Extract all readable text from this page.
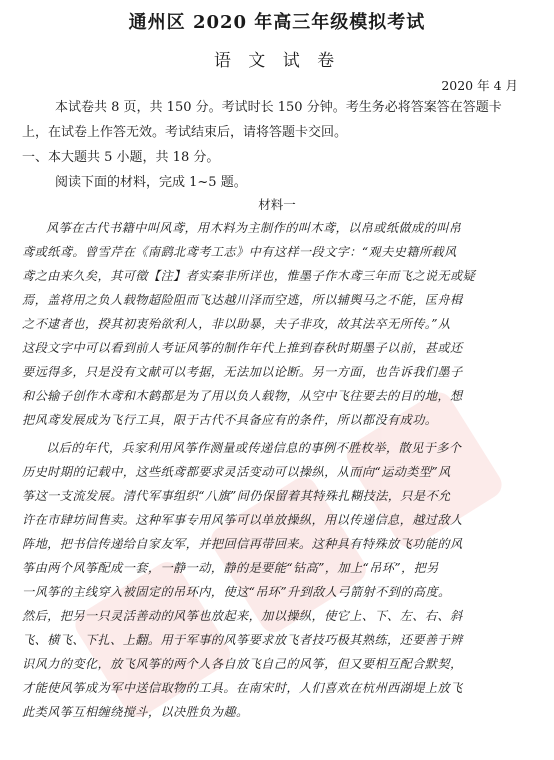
通州区 2020 年高三年级模拟考试
语 文 试 卷
2020 年 4 月
本试卷共 8 页，共 150 分。考试时长 150 分钟。考生务必将答案答在答题卡
上，在试卷上作答无效。考试结束后，请将答题卡交回。
一、本大题共 5 小题，共 18 分。
阅读下面的材料，完成 1~5 题。
材料一
风筝在古代书籍中叫风鸢，用木料为主制作的叫木鸢，以帛或纸做成的叫帛
鸢或纸鸢。曾雪芹在《南鹞北鸢考工志》中有这样一段文字：“观夫史籍所载风
鸢之由来久矣，其可徵【注】者实秦非所详也，惟墨子作木鸢三年而飞之说无或疑
焉，盖将用之负人载物超险阻而飞达越川泽而空逃，所以辅舆马之不能，匡舟楫
之不逮者也，揆其初衷殆欲利人，非以助暴，夫子非攻，故其法卒无所传。”从
这段文字中可以看到前人考证风筝的制作年代上推到春秋时期墨子以前，甚或还
要远得多，只是没有文献可以考据，无法加以论断。另一方面，也告诉我们墨子
和公输子创作木鸢和木鹤都是为了用以负人载物，从空中飞往要去的目的地，想
把风鸢发展成为飞行工具，限于古代不具备应有的条件，所以都没有成功。
以后的年代，兵家利用风筝作测量或传递信息的事例不胜枚举，散见于多个
历史时期的记载中，这些纸鸢都要求灵活变动可以操纵，从而向“运动类型”风
筝这一支流发展。清代军事组织“八旗”间仍保留着其特殊扎糊技法，只是不允
许在市肆坊间售卖。这种军事专用风筝可以单放操纵，用以传递信息，越过敌人
阵地，把书信传递给自家友军，并把回信再带回来。这种具有特殊放飞功能的风
筝由两个风筝配成一套，一静一动，静的是要能“钻高”，加上“吊环”，把另
一风筝的主线穿入被固定的吊环内，使这“吊环”升到敌人弓箭射不到的高度。
然后，把另一只灵活善动的风筝也放起来，加以操纵，使它上、下、左、右、斜
飞、横飞、下扎、上翻。用于军事的风筝要求放飞者技巧极其熟练，还要善于辨
识风力的变化，放飞风筝的两个人各自放飞自己的风筝，但又要相互配合默契，
才能使风筝成为军中送信取物的工具。在南宋时，人们喜欢在杭州西湖堤上放飞
此类风筝互相缠绕搅斗，以决胜负为趣。
